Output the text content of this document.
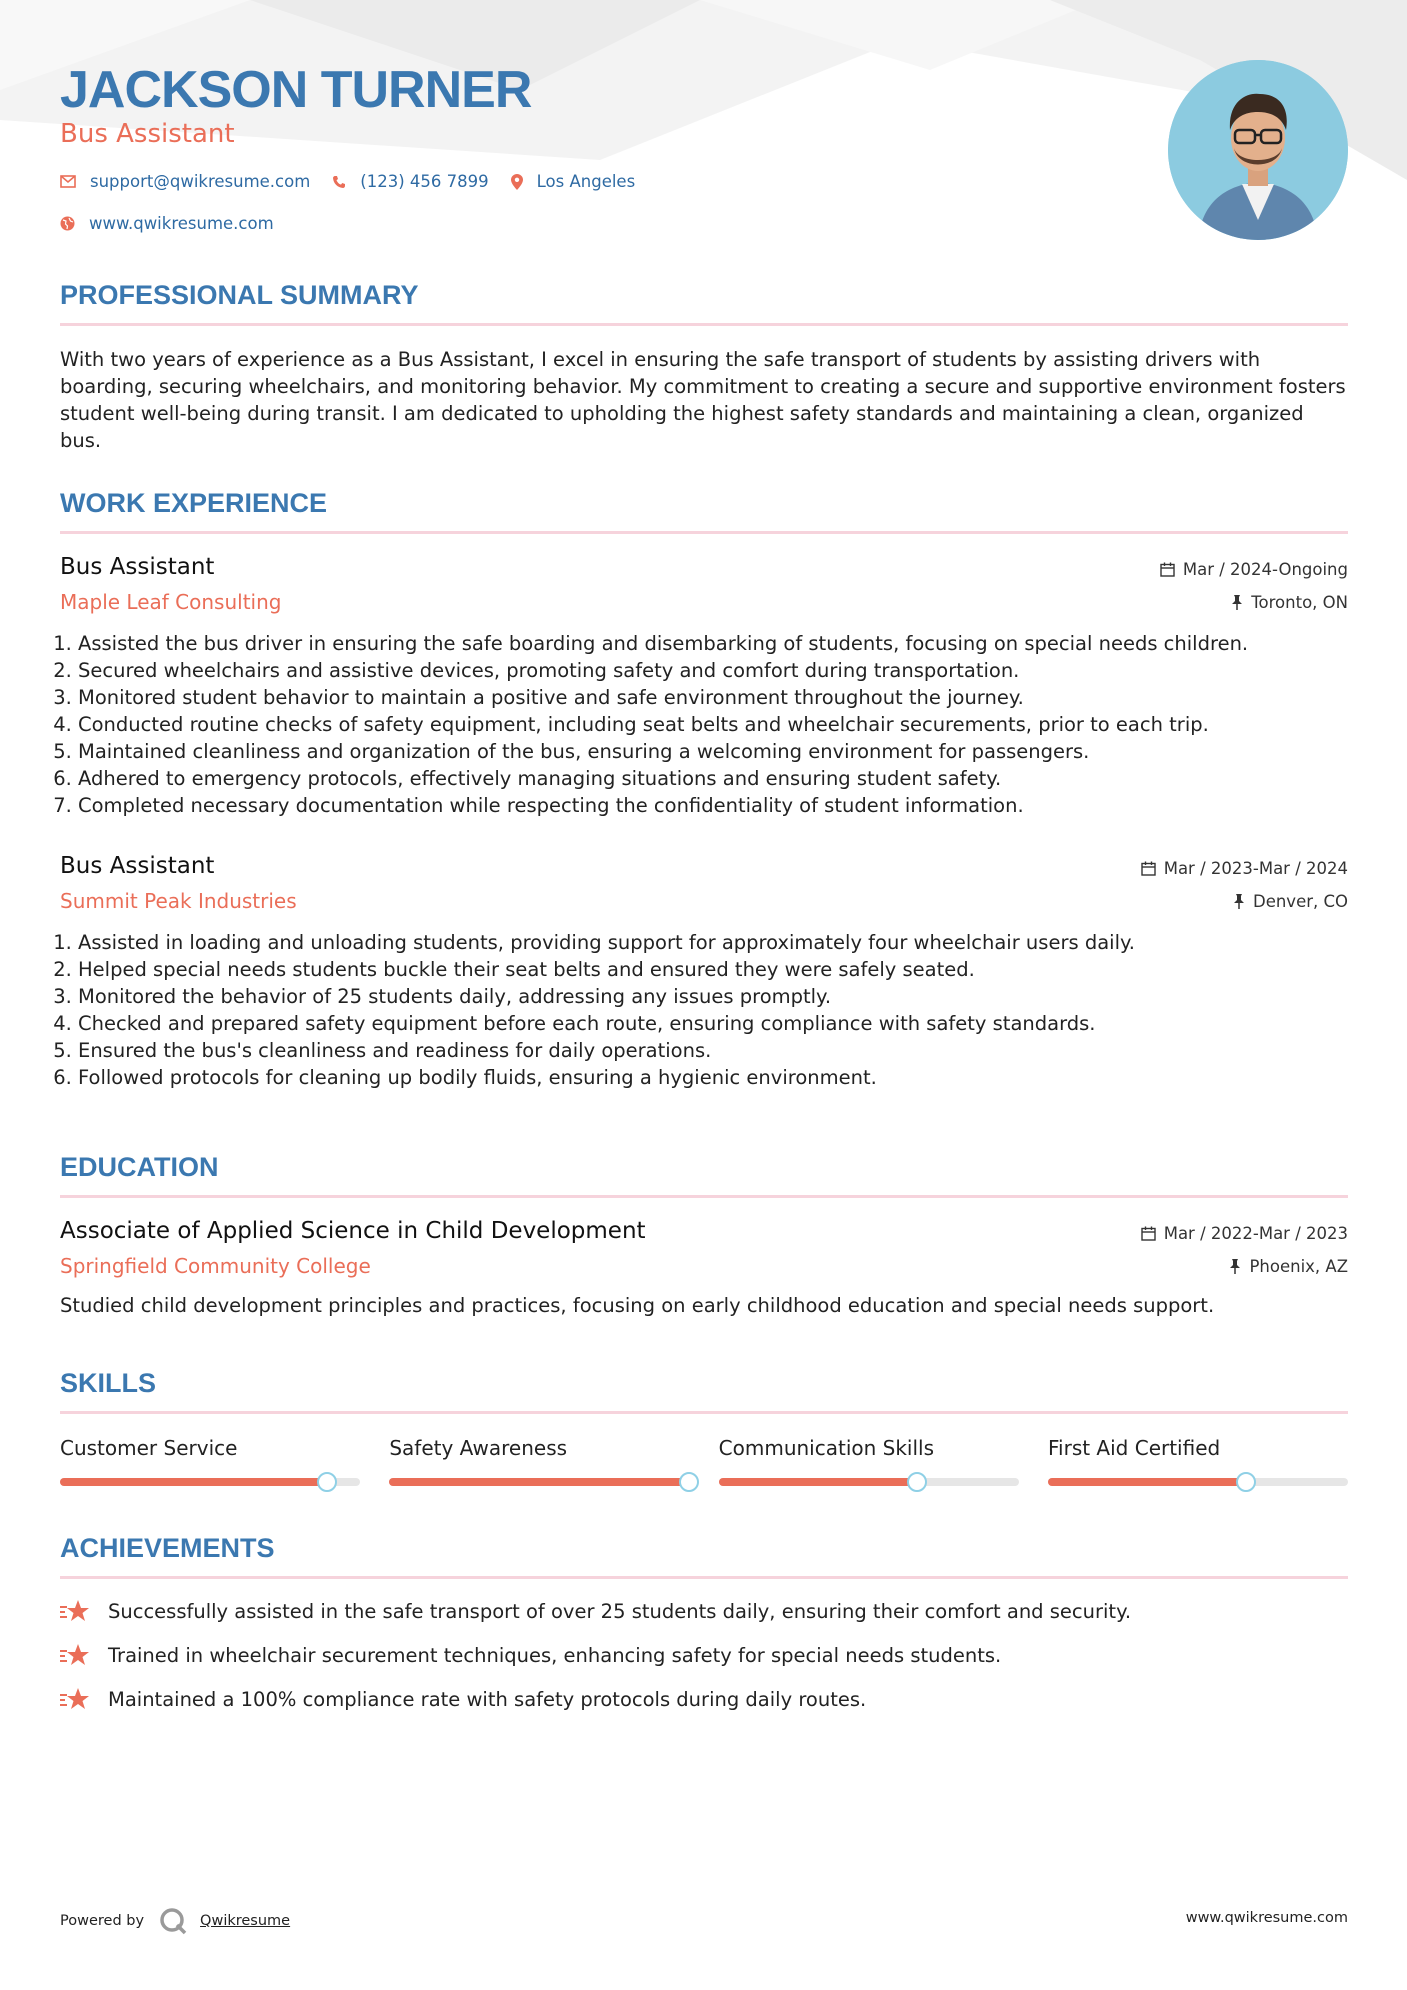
JACKSON TURNER
Bus Assistant
support@qwikresume.com	(123) 456 7899	Los Angeles
www.qwikresume.com
PROFESSIONAL SUMMARY

With two years of experience as a Bus Assistant, I excel in ensuring the safe transport of students by assisting drivers with boarding, securing wheelchairs, and monitoring behavior. My commitment to creating a secure and supportive environment fosters student well-being during transit. I am dedicated to upholding the highest safety standards and maintaining a clean, organized bus.

WORK EXPERIENCE
Bus Assistant
Maple Leaf Consulting
Mar / 2024-Ongoing
Toronto, ON
1. Assisted the bus driver in ensuring the safe boarding and disembarking of students, focusing on special needs children.
2. Secured wheelchairs and assistive devices, promoting safety and comfort during transportation.
3. Monitored student behavior to maintain a positive and safe environment throughout the journey.
4. Conducted routine checks of safety equipment, including seat belts and wheelchair securements, prior to each trip.
5. Maintained cleanliness and organization of the bus, ensuring a welcoming environment for passengers.
6. Adhered to emergency protocols, effectively managing situations and ensuring student safety.
7. Completed necessary documentation while respecting the confidentiality of student information.
Bus Assistant
Summit Peak Industries
Mar / 2023-Mar / 2024
Denver, CO
1. Assisted in loading and unloading students, providing support for approximately four wheelchair users daily.
2. Helped special needs students buckle their seat belts and ensured they were safely seated.
3. Monitored the behavior of 25 students daily, addressing any issues promptly.
4. Checked and prepared safety equipment before each route, ensuring compliance with safety standards.
5. Ensured the bus's cleanliness and readiness for daily operations.
6. Followed protocols for cleaning up bodily fluids, ensuring a hygienic environment.
EDUCATION
Associate of Applied Science in Child Development
Springfield Community College
Mar / 2022-Mar / 2023
Phoenix, AZ

Studied child development principles and practices, focusing on early childhood education and special needs support.

SKILLS
Customer Service	Safety Awareness	Communication Skills	First Aid Certified
ACHIEVEMENTS
Successfully assisted in the safe transport of over 25 students daily, ensuring their comfort and security.
Trained in wheelchair securement techniques, enhancing safety for special needs students.
Maintained a 100% compliance rate with safety protocols during daily routes.
Powered by	Qwikresume	www.qwikresume.com
